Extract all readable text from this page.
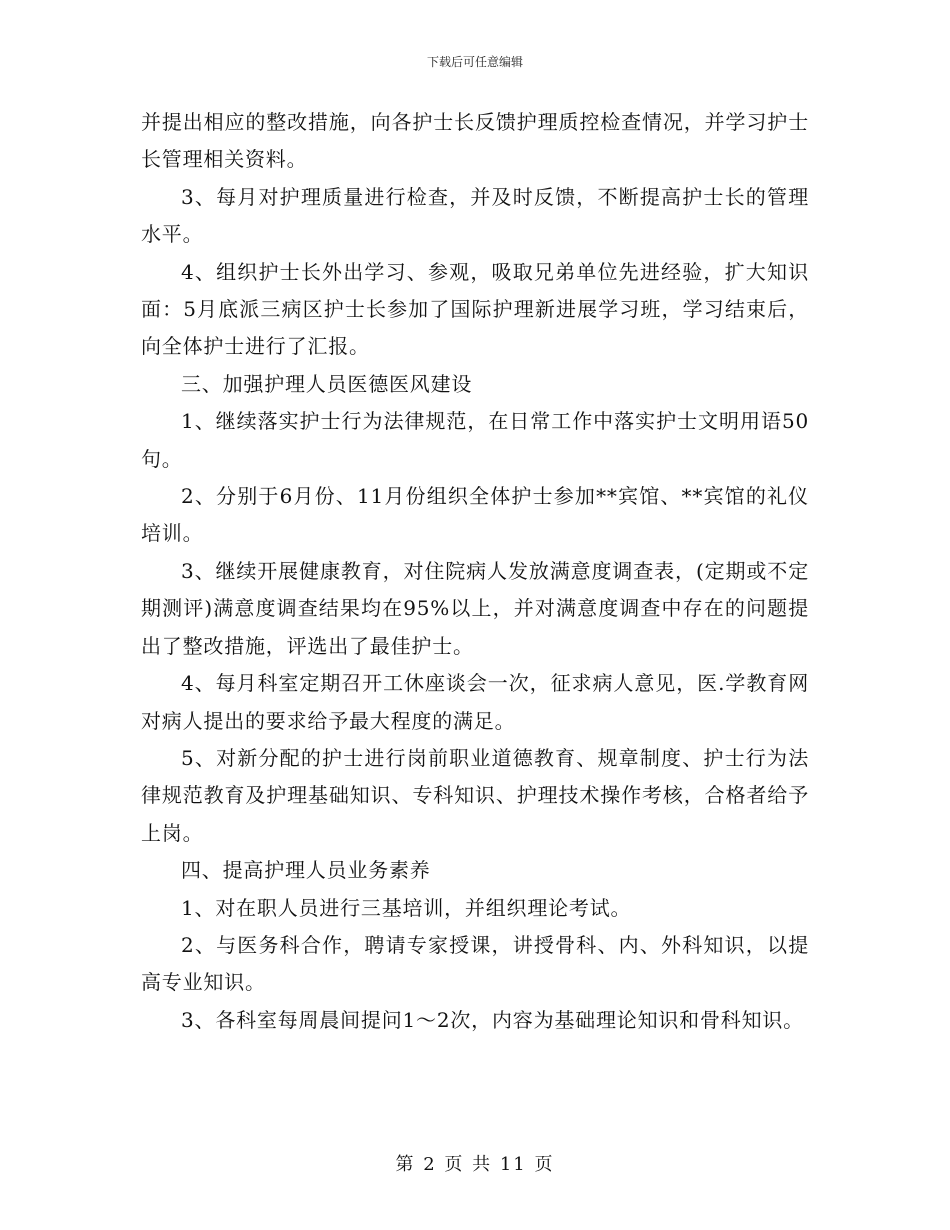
下载后可任意编辑

并提出相应的整改措施，向各护士长反馈护理质控检查情况，并学习护士长管理相关资料。

3、每月对护理质量进行检查，并及时反馈，不断提高护士长的管理水平。

4、组织护士长外出学习、参观，吸取兄弟单位先进经验，扩大知识面：5月底派三病区护士长参加了国际护理新进展学习班，学习结束后，向全体护士进行了汇报。

三、加强护理人员医德医风建设

1、继续落实护士行为法律规范，在日常工作中落实护士文明用语50句。

2、分别于6月份、11月份组织全体护士参加**宾馆、**宾馆的礼仪培训。

3、继续开展健康教育，对住院病人发放满意度调查表，(定期或不定期测评)满意度调查结果均在95%以上，并对满意度调查中存在的问题提出了整改措施，评选出了最佳护士。

4、每月科室定期召开工休座谈会一次，征求病人意见，医.学教育网对病人提出的要求给予最大程度的满足。

5、对新分配的护士进行岗前职业道德教育、规章制度、护士行为法律规范教育及护理基础知识、专科知识、护理技术操作考核，合格者给予上岗。

四、提高护理人员业务素养

1、对在职人员进行三基培训，并组织理论考试。

2、与医务科合作，聘请专家授课，讲授骨科、内、外科知识，以提高专业知识。

3、各科室每周晨间提问1～2次，内容为基础理论知识和骨科知识。

第 2 页 共 11 页
